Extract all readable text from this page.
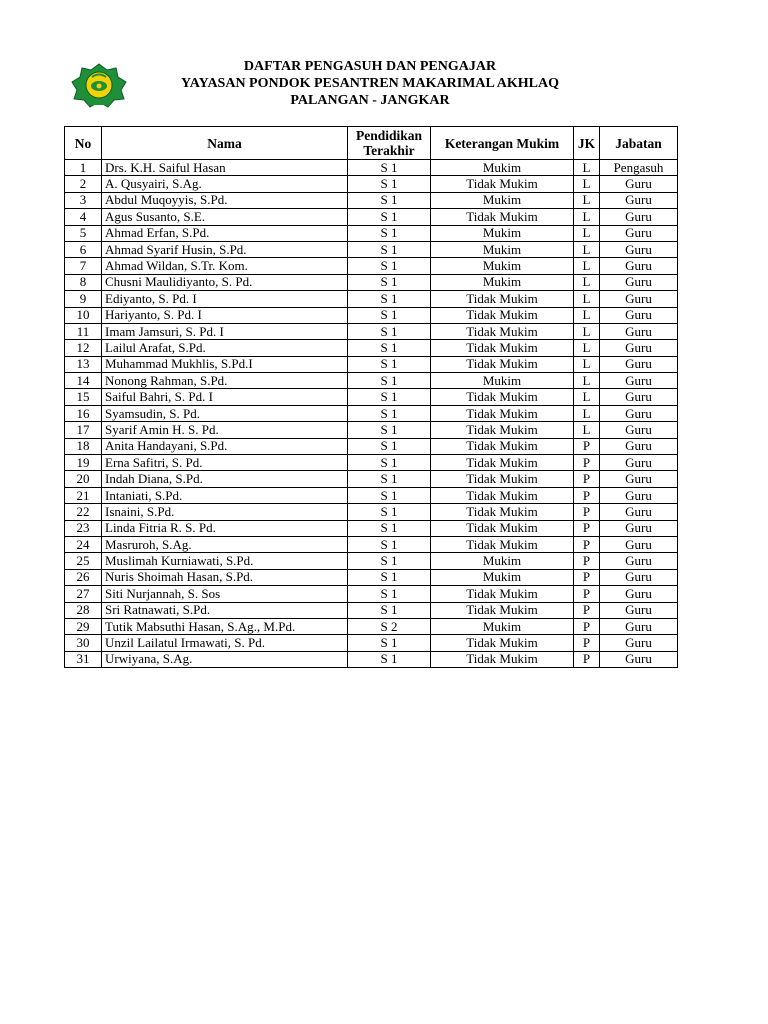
DAFTAR PENGASUH DAN PENGAJAR
YAYASAN PONDOK PESANTREN MAKARIMAL AKHLAQ
PALANGAN - JANGKAR
No	Nama	Pendidikan Terakhir	Keterangan Mukim	JK	Jabatan
1	Drs. K.H. Saiful Hasan	S 1	Mukim	L	Pengasuh
2	A. Qusyairi, S.Ag.	S 1	Tidak Mukim	L	Guru
3	Abdul Muqoyyis, S.Pd.	S 1	Mukim	L	Guru
4	Agus Susanto, S.E.	S 1	Tidak Mukim	L	Guru
5	Ahmad Erfan, S.Pd.	S 1	Mukim	L	Guru
6	Ahmad Syarif Husin, S.Pd.	S 1	Mukim	L	Guru
7	Ahmad Wildan, S.Tr. Kom.	S 1	Mukim	L	Guru
8	Chusni Maulidiyanto, S. Pd.	S 1	Mukim	L	Guru
9	Ediyanto, S. Pd. I	S 1	Tidak Mukim	L	Guru
10	Hariyanto, S. Pd. I	S 1	Tidak Mukim	L	Guru
11	Imam Jamsuri, S. Pd. I	S 1	Tidak Mukim	L	Guru
12	Lailul Arafat, S.Pd.	S 1	Tidak Mukim	L	Guru
13	Muhammad Mukhlis, S.Pd.I	S 1	Tidak Mukim	L	Guru
14	Nonong Rahman, S.Pd.	S 1	Mukim	L	Guru
15	Saiful Bahri, S. Pd. I	S 1	Tidak Mukim	L	Guru
16	Syamsudin, S. Pd.	S 1	Tidak Mukim	L	Guru
17	Syarif Amin H. S. Pd.	S 1	Tidak Mukim	L	Guru
18	Anita Handayani, S.Pd.	S 1	Tidak Mukim	P	Guru
19	Erna Safitri, S. Pd.	S 1	Tidak Mukim	P	Guru
20	Indah Diana, S.Pd.	S 1	Tidak Mukim	P	Guru
21	Intaniati, S.Pd.	S 1	Tidak Mukim	P	Guru
22	Isnaini, S.Pd.	S 1	Tidak Mukim	P	Guru
23	Linda Fitria R. S. Pd.	S 1	Tidak Mukim	P	Guru
24	Masruroh, S.Ag.	S 1	Tidak Mukim	P	Guru
25	Muslimah Kurniawati, S.Pd.	S 1	Mukim	P	Guru
26	Nuris Shoimah Hasan, S.Pd.	S 1	Mukim	P	Guru
27	Siti Nurjannah, S. Sos	S 1	Tidak Mukim	P	Guru
28	Sri Ratnawati, S.Pd.	S 1	Tidak Mukim	P	Guru
29	Tutik Mabsuthi Hasan, S.Ag., M.Pd.	S 2	Mukim	P	Guru
30	Unzil Lailatul Irmawati, S. Pd.	S 1	Tidak Mukim	P	Guru
31	Urwiyana, S.Ag.	S 1	Tidak Mukim	P	Guru
